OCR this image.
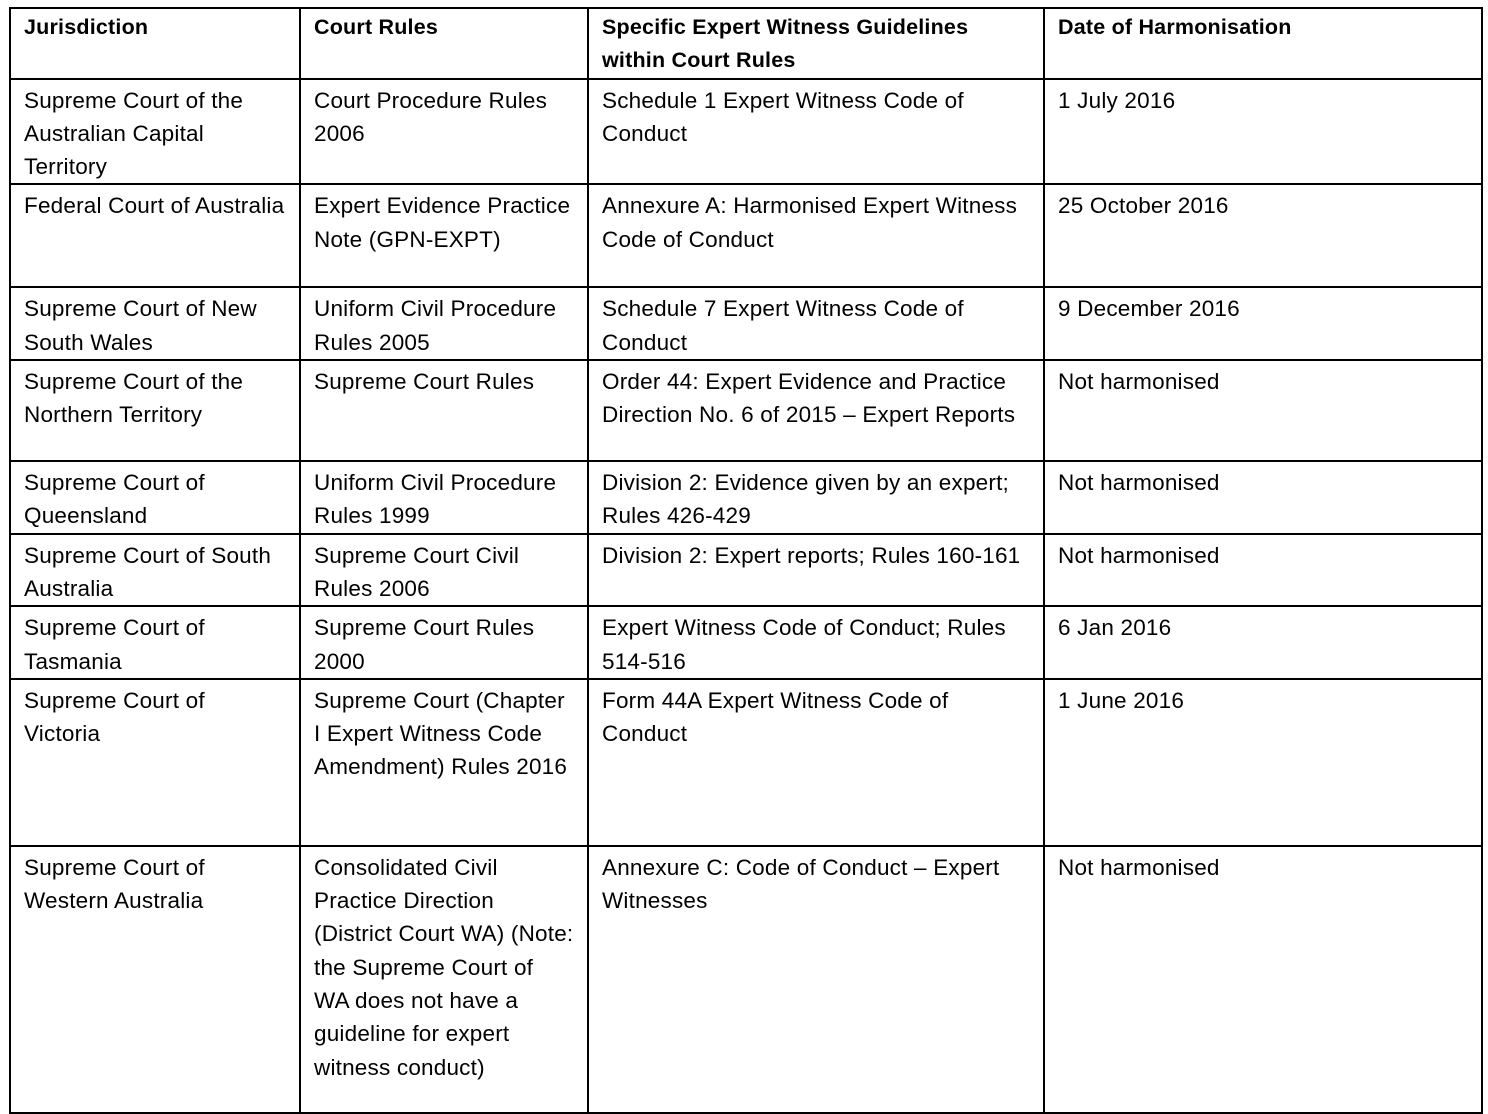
Jurisdiction	Court Rules	Specific Expert Witness Guidelines within Court Rules	Date of Harmonisation
Supreme Court of the Australian Capital Territory	Court Procedure Rules 2006	Schedule 1 Expert Witness Code of Conduct	1 July 2016
Federal Court of Australia	Expert Evidence Practice Note (GPN-EXPT)	Annexure A: Harmonised Expert Witness Code of Conduct	25 October 2016
Supreme Court of New South Wales	Uniform Civil Procedure Rules 2005	Schedule 7 Expert Witness Code of Conduct	9 December 2016
Supreme Court of the Northern Territory	Supreme Court Rules	Order 44: Expert Evidence and Practice Direction No. 6 of 2015 – Expert Reports	Not harmonised
Supreme Court of Queensland	Uniform Civil Procedure Rules 1999	Division 2: Evidence given by an expert; Rules 426-429	Not harmonised
Supreme Court of South Australia	Supreme Court Civil Rules 2006	Division 2: Expert reports; Rules 160-161	Not harmonised
Supreme Court of Tasmania	Supreme Court Rules 2000	Expert Witness Code of Conduct; Rules 514-516	6 Jan 2016
Supreme Court of Victoria	Supreme Court (Chapter I Expert Witness Code Amendment) Rules 2016	Form 44A Expert Witness Code of Conduct	1 June 2016
Supreme Court of Western Australia	Consolidated Civil Practice Direction (District Court WA) (Note: the Supreme Court of WA does not have a guideline for expert witness conduct)	Annexure C: Code of Conduct – Expert Witnesses	Not harmonised
